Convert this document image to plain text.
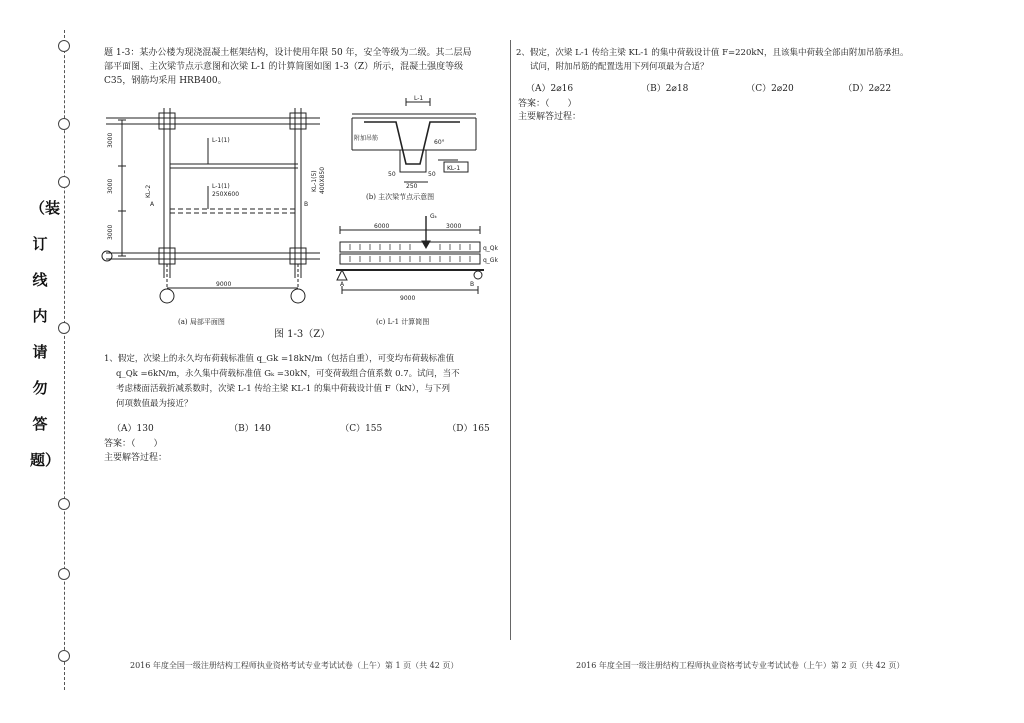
（装
订
线
内
请
勿
答
题）
题 1-3：某办公楼为现浇混凝土框架结构，设计使用年限 50 年，安全等级为二级。其二层局
部平面图、主次梁节点示意图和次梁 L-1 的计算简图如图 1-3（Z）所示，混凝土强度等级
C35，钢筋均采用 HRB400。
3000
3000
3000
9000
L-1(1)
L-1(1)
250X600
KL-2	KL-1(5) 400X850
A	B
(a) 局部平面图
L-1
附加吊筋
60°
50
250
50
KL-1
(b) 主次梁节点示意图
Gₖ
6000	3000
q_Qk
q_Gk
A	B
9000
(c) L-1 计算简图
图 1-3（Z）
1、假定，次梁上的永久均布荷载标准值 q_Gk =18kN/m（包括自重），可变均布荷载标准值
q_Qk =6kN/m，永久集中荷载标准值 Gₖ =30kN，可变荷载组合值系数 0.7。试问，当不
考虑楼面活载折减系数时，次梁 L-1 传给主梁 KL-1 的集中荷载设计值 F（kN），与下列
何项数值最为接近？
（A）130	（B）140	（C）155	（D）165
答案：（　　）
主要解答过程：
2、假定，次梁 L-1 传给主梁 KL-1 的集中荷载设计值 F=220kN，且该集中荷载全部由附加吊筋承担。
试问，附加吊筋的配置选用下列何项最为合适？
（A）2⌀16	（B）2⌀18	（C）2⌀20	（D）2⌀22
答案：（　　）
主要解答过程：
2016 年度全国一级注册结构工程师执业资格考试专业考试试卷（上午）第 1 页（共 42 页）	2016 年度全国一级注册结构工程师执业资格考试专业考试试卷（上午）第 2 页（共 42 页）
